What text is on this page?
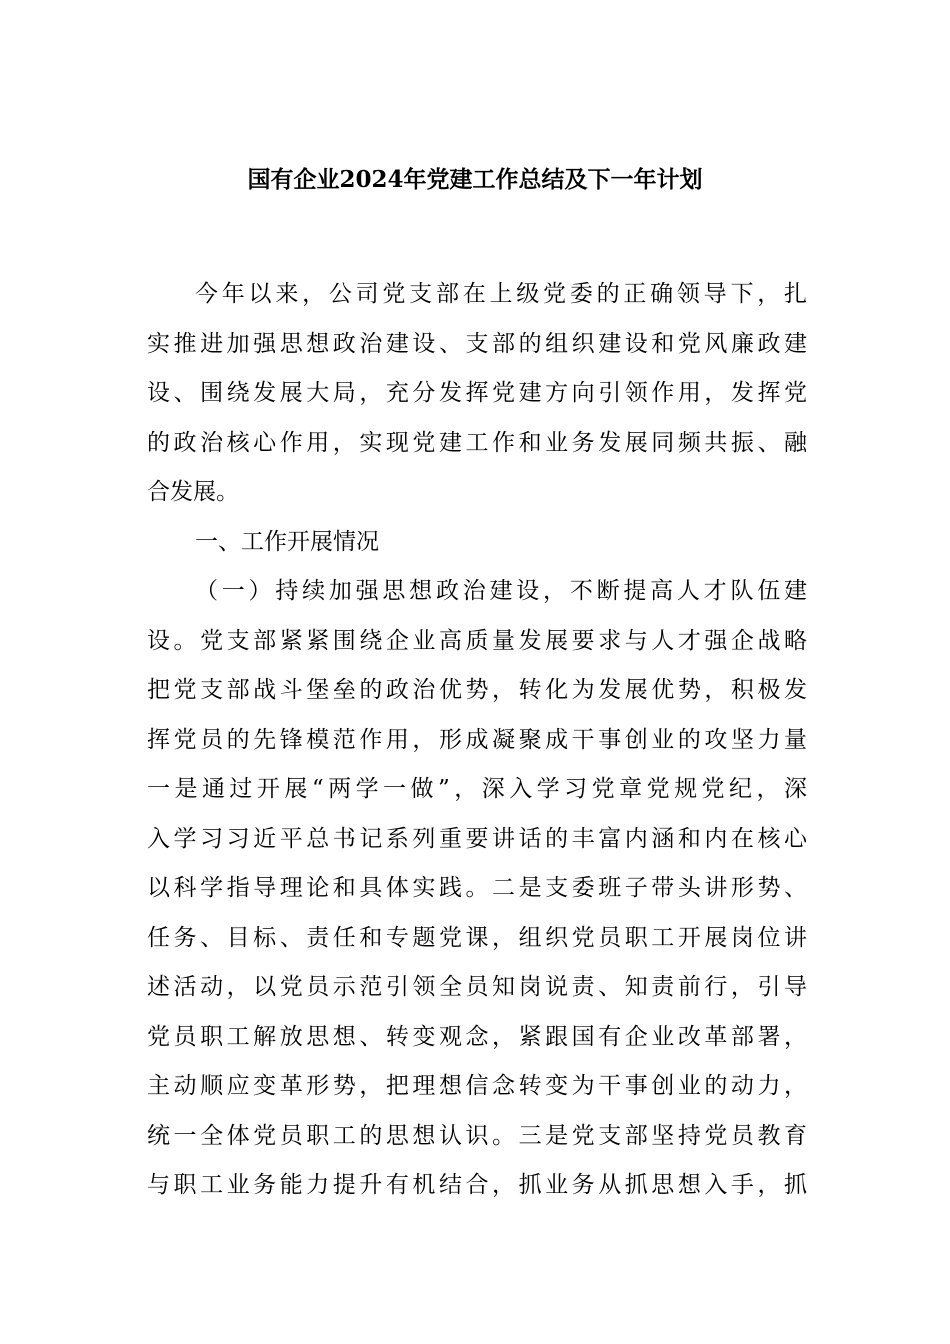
国有企业2024年党建工作总结及下一年计划
今年以来，公司党支部在上级党委的正确领导下，扎
实推进加强思想政治建设、支部的组织建设和党风廉政建
设、围绕发展大局，充分发挥党建方向引领作用，发挥党
的政治核心作用，实现党建工作和业务发展同频共振、融
合发展。
一、工作开展情况
（一）持续加强思想政治建设，不断提高人才队伍建
设。党支部紧紧围绕企业高质量发展要求与人才强企战略
把党支部战斗堡垒的政治优势，转化为发展优势，积极发
挥党员的先锋模范作用，形成凝聚成干事创业的攻坚力量
一是通过开展“两学一做”，深入学习党章党规党纪，深
入学习习近平总书记系列重要讲话的丰富内涵和内在核心
以科学指导理论和具体实践。二是支委班子带头讲形势、
任务、目标、责任和专题党课，组织党员职工开展岗位讲
述活动，以党员示范引领全员知岗说责、知责前行，引导
党员职工解放思想、转变观念，紧跟国有企业改革部署，
主动顺应变革形势，把理想信念转变为干事创业的动力，
统一全体党员职工的思想认识。三是党支部坚持党员教育
与职工业务能力提升有机结合，抓业务从抓思想入手，抓
